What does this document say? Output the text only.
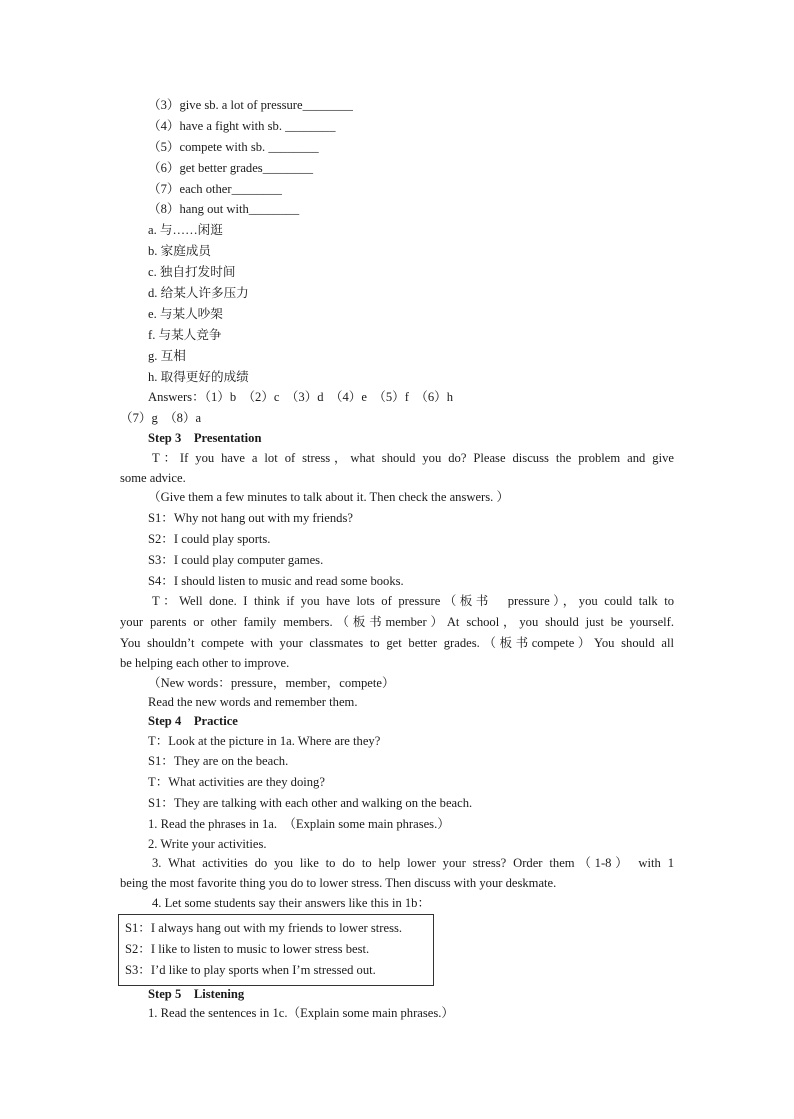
（3）give sb. a lot of pressure________
（4）have a fight with sb. ________
（5）compete with sb. ________
（6）get better grades________
（7）each other________
（8）hang out with________
a. 与……闲逛
b. 家庭成员
c. 独自打发时间
d. 给某人许多压力
e. 与某人吵架
f. 与某人竞争
g. 互相
h. 取得更好的成绩
Answers：（1）b　（2）c　（3）d　（4）e　（5）f　（6）h
（7）g　（8）a
Step 3　Presentation
T：If you have a lot of stress，what should you do? Please discuss the problem and give
some advice.
（Give them a few minutes to talk about it. Then check the answers. ）
S1：Why not hang out with my friends?
S2：I could play sports.
S3：I could play computer games.
S4：I should listen to music and read some books.
T：Well done. I think if you have lots of pressure（板书　pressure），you could talk to
your parents or other family members.（板书member）At school，you should just be yourself.
You shouldn’t compete with your classmates to get better grades.（板书compete）You should all
be helping each other to improve.
（New words：pressure，member，compete）
Read the new words and remember them.
Step 4　Practice
T：Look at the picture in 1a. Where are they?
S1：They are on the beach.
T：What activities are they doing?
S1：They are talking with each other and walking on the beach.
1. Read the phrases in 1a.　（Explain some main phrases.）
2. Write your activities.
3. What activities do you like to do to help lower your stress? Order them（1-8） with 1
being the most favorite thing you do to lower stress. Then discuss with your deskmate.
4. Let some students say their answers like this in 1b：
S1：I always hang out with my friends to lower stress.
S2：I like to listen to music to lower stress best.
S3：I’d like to play sports when I’m stressed out.
Step 5　Listening
1. Read the sentences in 1c.（Explain some main phrases.）
